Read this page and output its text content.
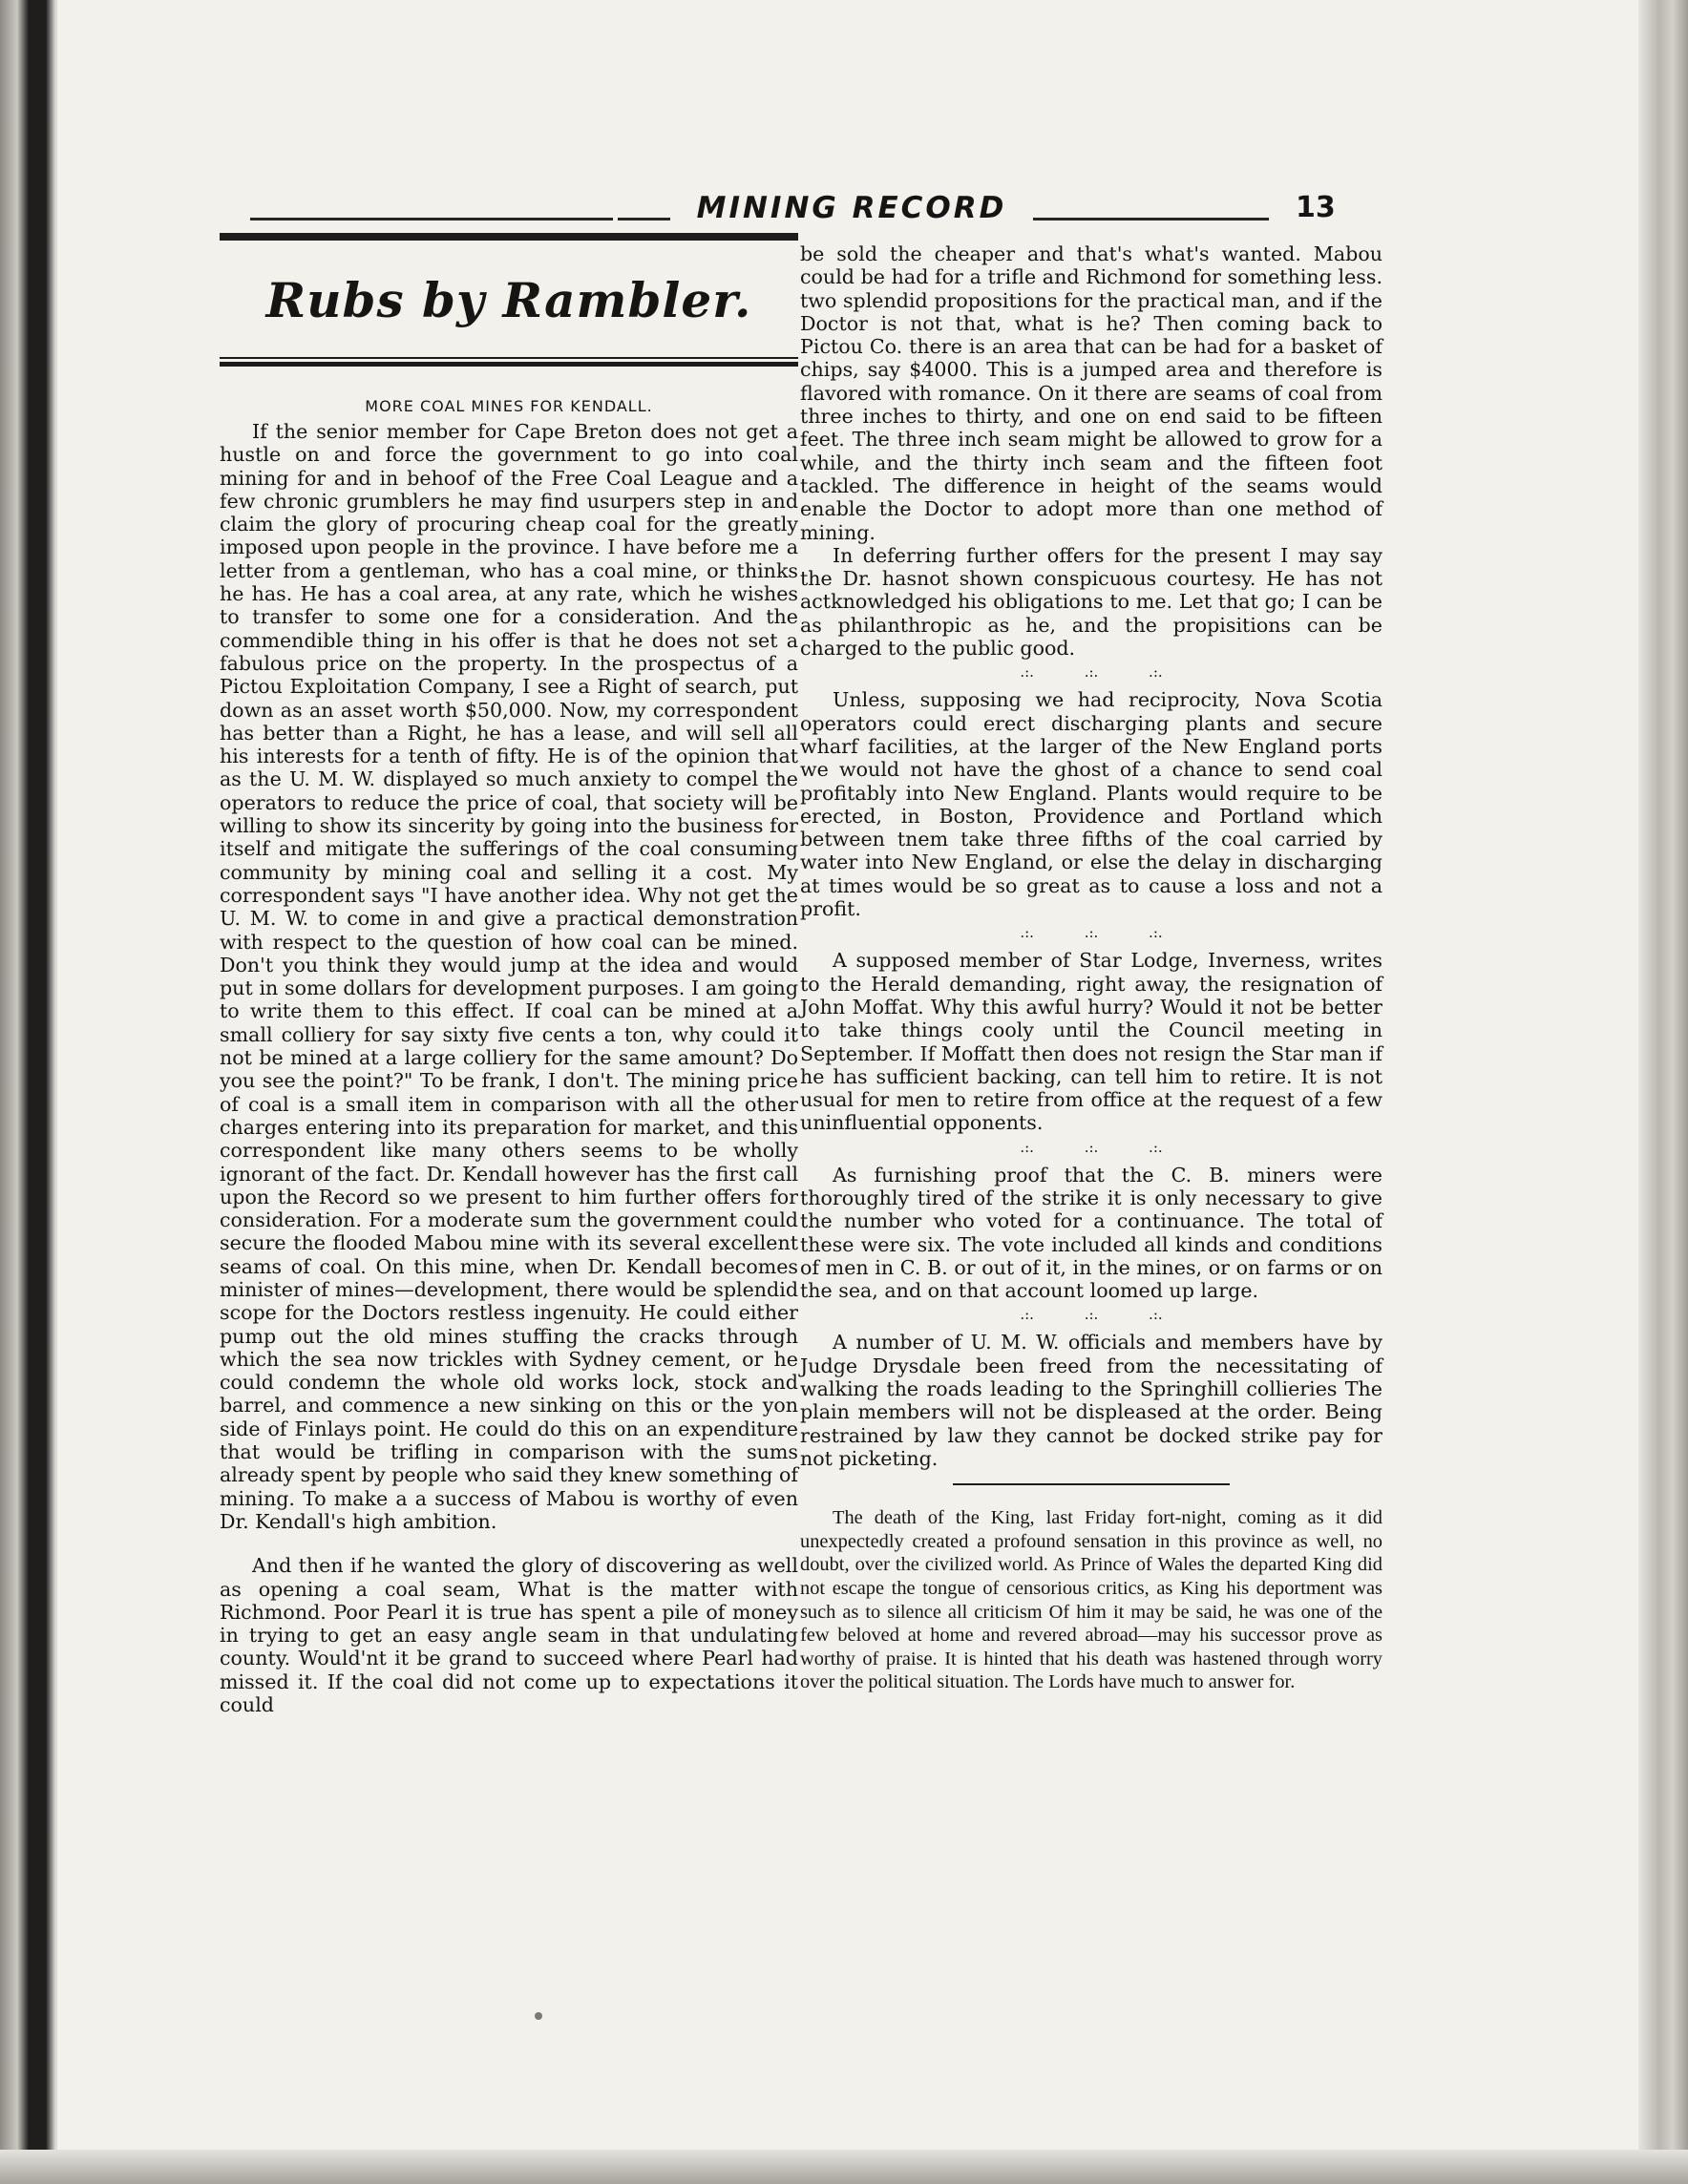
MINING RECORD	13
Rubs by Rambler.
MORE COAL MINES FOR KENDALL.

If the senior member for Cape Breton does not get a hustle on and force the government to go into coal mining for and in behoof of the Free Coal League and a few chronic grumblers he may find usurpers step in and claim the glory of procuring cheap coal for the greatly imposed upon people in the province. I have before me a letter from a gentleman, who has a coal mine, or thinks he has. He has a coal area, at any rate, which he wishes to transfer to some one for a consideration. And the commendible thing in his offer is that he does not set a fabulous price on the property. In the prospectus of a Pictou Exploitation Company, I see a Right of search, put down as an asset worth $50,000. Now, my correspondent has better than a Right, he has a lease, and will sell all his interests for a tenth of fifty. He is of the opinion that as the U. M. W. displayed so much anxiety to compel the operators to reduce the price of coal, that society will be willing to show its sincerity by going into the business for itself and mitigate the sufferings of the coal consuming community by mining coal and selling it a cost. My correspondent says "I have another idea. Why not get the U. M. W. to come in and give a practical demonstration with respect to the question of how coal can be mined. Don't you think they would jump at the idea and would put in some dollars for development purposes. I am going to write them to this effect. If coal can be mined at a small colliery for say sixty five cents a ton, why could it not be mined at a large colliery for the same amount? Do you see the point?" To be frank, I don't. The mining price of coal is a small item in comparison with all the other charges entering into its preparation for market, and this correspondent like many others seems to be wholly ignorant of the fact. Dr. Kendall however has the first call upon the Record so we present to him further offers for consideration. For a moderate sum the government could secure the flooded Mabou mine with its several excellent seams of coal. On this mine, when Dr. Kendall becomes minister of mines—development, there would be splendid scope for the Doctors restless ingenuity. He could either pump out the old mines stuffing the cracks through which the sea now trickles with Sydney cement, or he could condemn the whole old works lock, stock and barrel, and commence a new sinking on this or the yon side of Finlays point. He could do this on an expenditure that would be trifling in comparison with the sums already spent by people who said they knew something of mining. To make a a success of Mabou is worthy of even Dr. Kendall's high ambition.

And then if he wanted the glory of discovering as well as opening a coal seam, What is the matter with Richmond. Poor Pearl it is true has spent a pile of money in trying to get an easy angle seam in that undulating county. Would'nt it be grand to succeed where Pearl had missed it. If the coal did not come up to expectations it could

be sold the cheaper and that's what's wanted. Mabou could be had for a trifle and Richmond for something less. two splendid propositions for the practical man, and if the Doctor is not that, what is he? Then coming back to Pictou Co. there is an area that can be had for a basket of chips, say $4000. This is a jumped area and therefore is flavored with romance. On it there are seams of coal from three inches to thirty, and one on end said to be fifteen feet. The three inch seam might be allowed to grow for a while, and the thirty inch seam and the fifteen foot tackled. The difference in height of the seams would enable the Doctor to adopt more than one method of mining.

In deferring further offers for the present I may say the Dr. hasnot shown conspicuous courtesy. He has not actknowledged his obligations to me. Let that go; I can be as philanthropic as he, and the propisitions can be charged to the public good.

.:. .:. .:.

Unless, supposing we had reciprocity, Nova Scotia operators could erect discharging plants and secure wharf facilities, at the larger of the New England ports we would not have the ghost of a chance to send coal profitably into New England. Plants would require to be erected, in Boston, Providence and Portland which between tnem take three fifths of the coal carried by water into New England, or else the delay in discharging at times would be so great as to cause a loss and not a profit.

.:. .:. .:.

A supposed member of Star Lodge, Inverness, writes to the Herald demanding, right away, the resignation of John Moffat. Why this awful hurry? Would it not be better to take things cooly until the Council meeting in September. If Moffatt then does not resign the Star man if he has sufficient backing, can tell him to retire. It is not usual for men to retire from office at the request of a few uninfluential opponents.

.:. .:. .:.

As furnishing proof that the C. B. miners were thoroughly tired of the strike it is only necessary to give the number who voted for a continuance. The total of these were six. The vote included all kinds and conditions of men in C. B. or out of it, in the mines, or on farms or on the sea, and on that account loomed up large.

.:. .:. .:.

A number of U. M. W. officials and members have by Judge Drysdale been freed from the necessitating of walking the roads leading to the Springhill collieries The plain members will not be displeased at the order. Being restrained by law they cannot be docked strike pay for not picketing.

The death of the King, last Friday fort-night, coming as it did unexpectedly created a profound sensation in this province as well, no doubt, over the civilized world. As Prince of Wales the departed King did not escape the tongue of censorious critics, as King his deportment was such as to silence all criticism Of him it may be said, he was one of the few beloved at home and revered abroad—may his successor prove as worthy of praise. It is hinted that his death was hastened through worry over the political situation. The Lords have much to answer for.
